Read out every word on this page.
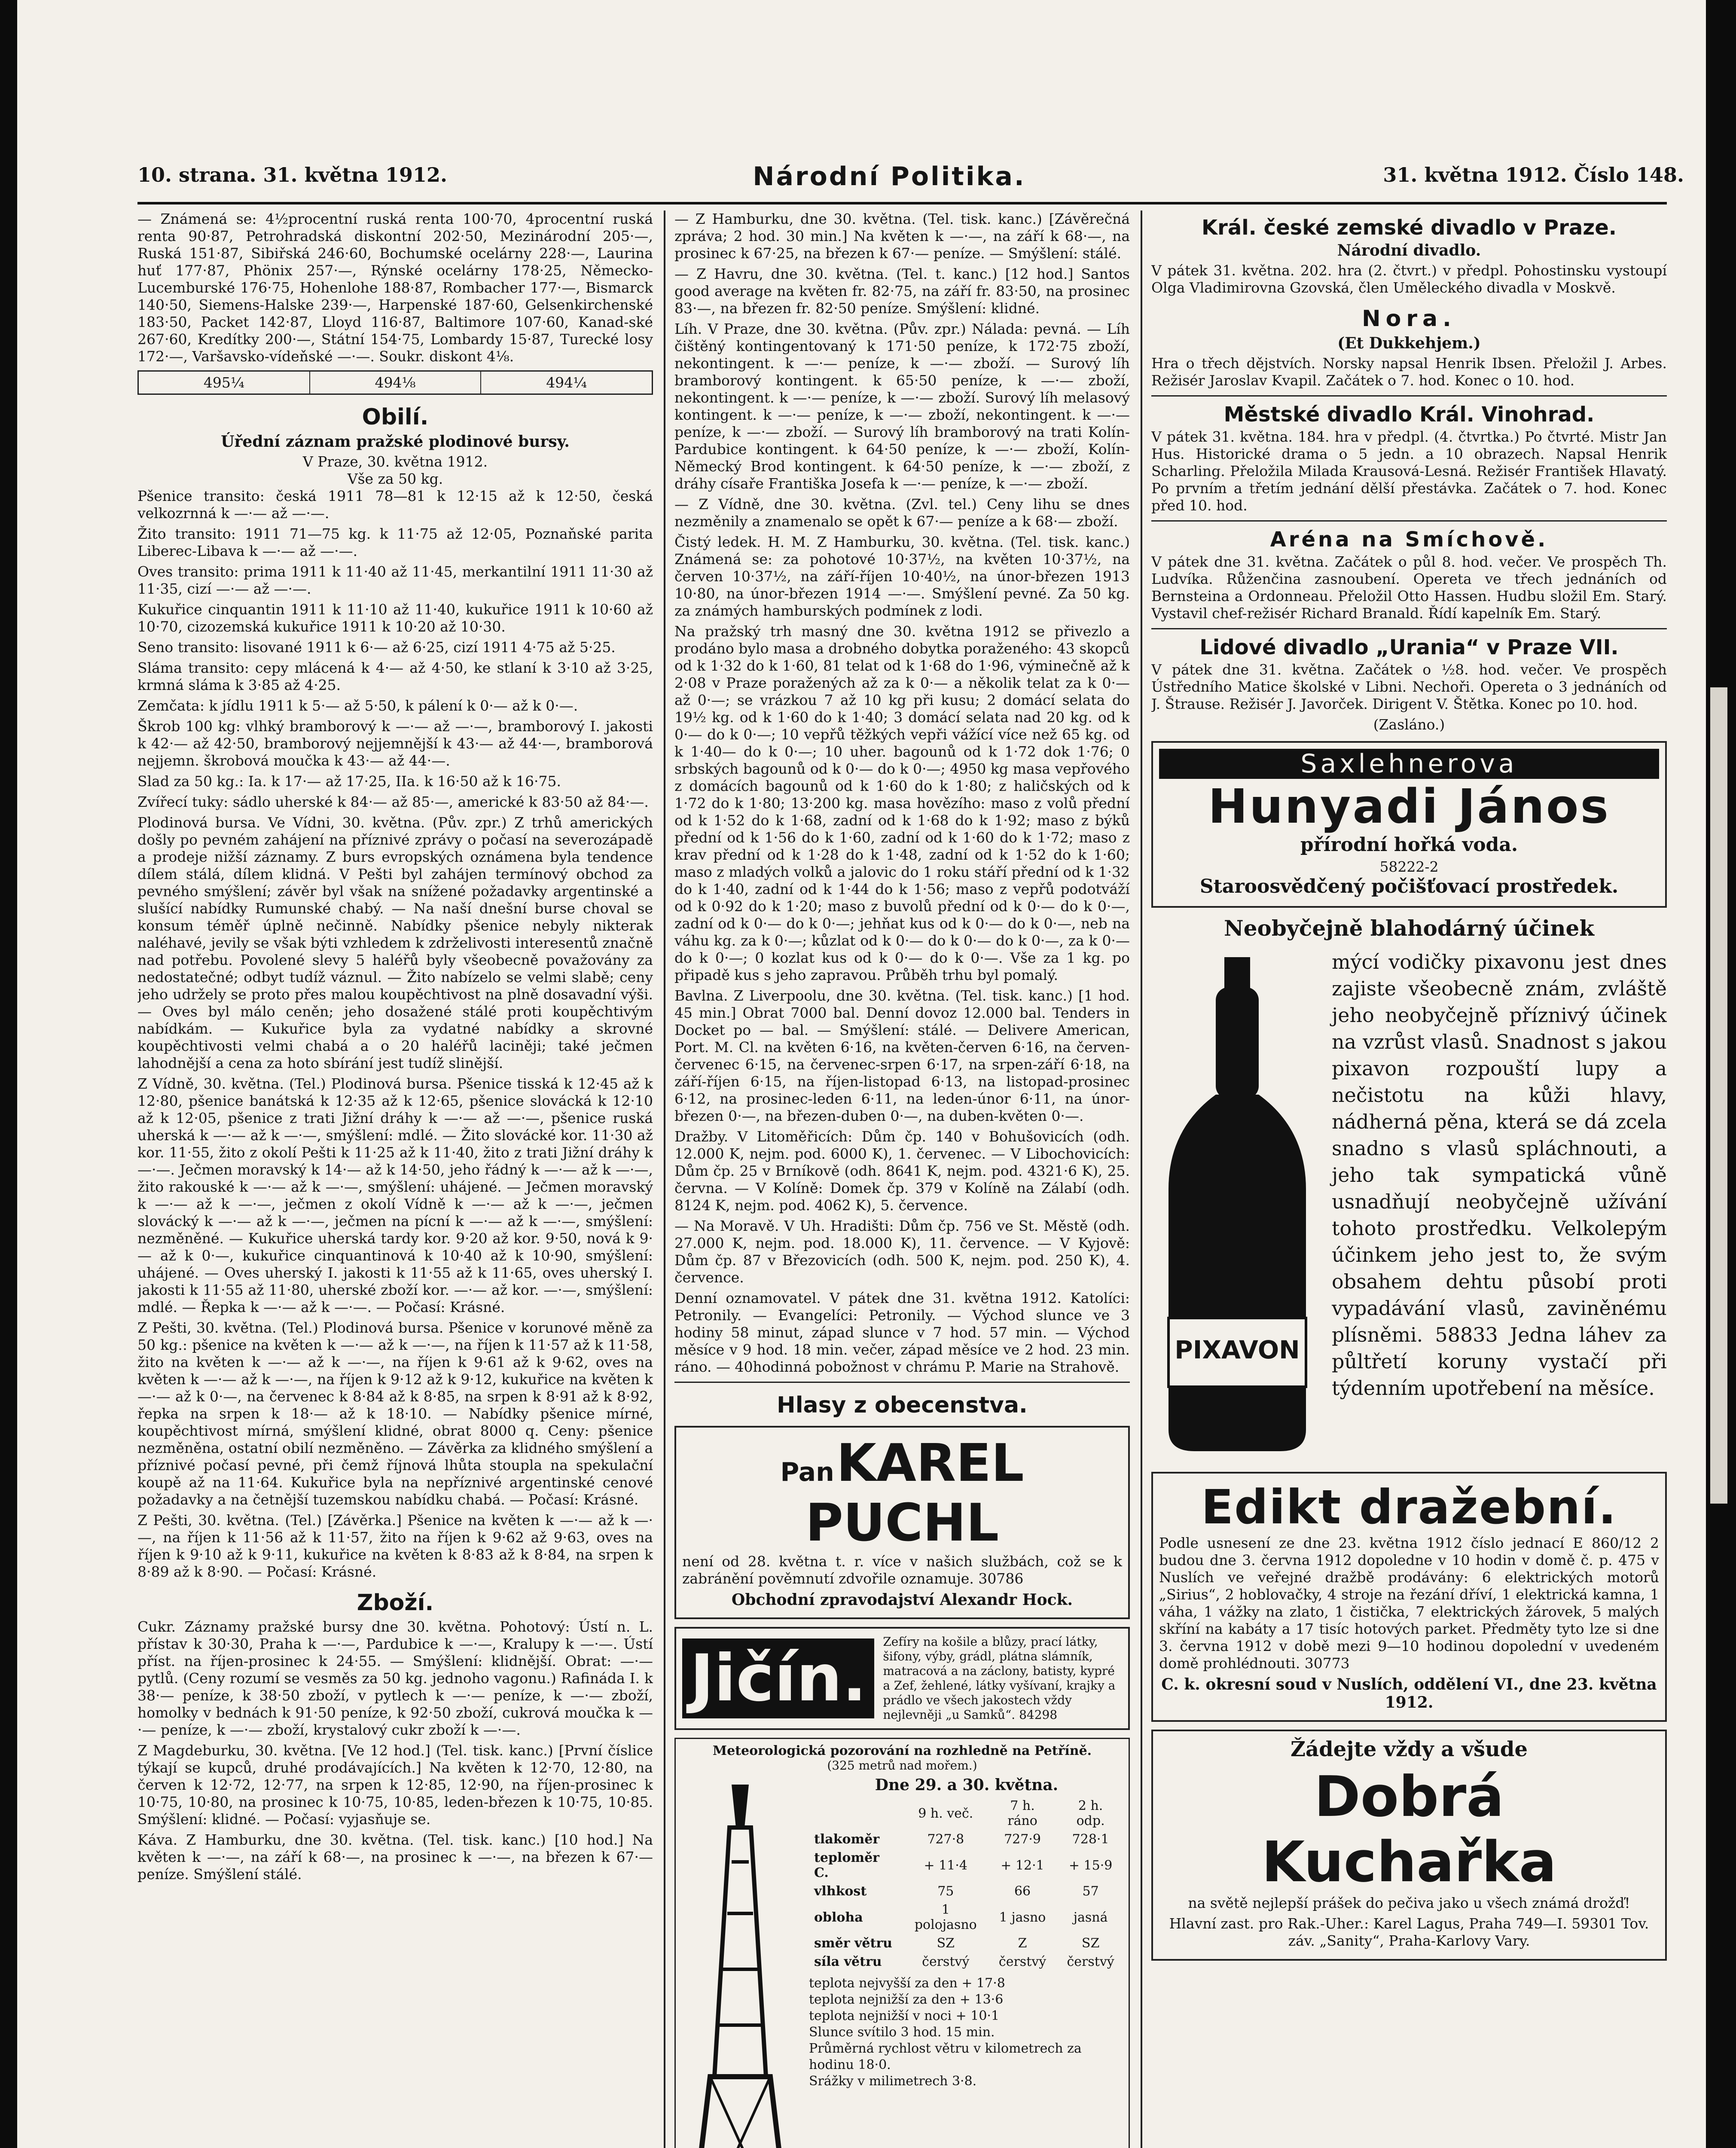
10. strana. 31. května 1912.	Národní Politika.	31. května 1912. Číslo 148.

— Známená se: 4½procentní ruská renta 100·70, 4procentní ruská renta 90·87, Petrohradská diskontní 202·50, Mezinárodní 205·—, Ruská 151·87, Sibiřská 246·60, Bochumské ocelárny 228·—, Laurina huť 177·87, Phönix 257·—, Rýnské ocelárny 178·25, Německo-Lucemburské 176·75, Hohenlohe 188·87, Rombacher 177·—, Bismarck 140·50, Siemens-Halske 239·—, Harpenské 187·60, Gelsenkirchenské 183·50, Packet 142·87, Lloyd 116·87, Baltimore 107·60, Kanad-ské 267·60, Kredítky 200·—, Státní 154·75, Lombardy 15·87, Turecké losy 172·—, Varšavsko-vídeňské —·—. Soukr. diskont 4⅛.

495¼	494⅛	494¼
Obilí.
Úřední záznam pražské plodinové bursy.
V Praze, 30. května 1912.
Vše za 50 kg.

Pšenice transito: česká 1911 78—81 k 12·15 až k 12·50, česká velkozrnná k —·— až —·—.

Žito transito: 1911 71—75 kg. k 11·75 až 12·05, Poznaňské parita Liberec-Libava k —·— až —·—.

Oves transito: prima 1911 k 11·40 až 11·45, merkantilní 1911 11·30 až 11·35, cizí —·— až —·—.

Kukuřice cinquantin 1911 k 11·10 až 11·40, kukuřice 1911 k 10·60 až 10·70, cizozemská kukuřice 1911 k 10·20 až 10·30.

Seno transito: lisované 1911 k 6·— až 6·25, cizí 1911 4·75 až 5·25.

Sláma transito: cepy mlácená k 4·— až 4·50, ke stlaní k 3·10 až 3·25, krmná sláma k 3·85 až 4·25.

Zemčata: k jídlu 1911 k 5·— až 5·50, k pálení k 0·— až k 0·—.

Škrob 100 kg: vlhký bramborový k —·— až —·—, bramborový I. jakosti k 42·— až 42·50, bramborový nejjemnější k 43·— až 44·—, bramborová nejjemn. škrobová moučka k 43·— až 44·—.

Slad za 50 kg.: Ia. k 17·— až 17·25, IIa. k 16·50 až k 16·75.

Zvířecí tuky: sádlo uherské k 84·— až 85·—, americké k 83·50 až 84·—.

Plodinová bursa. Ve Vídni, 30. května. (Pův. zpr.) Z trhů amerických došly po pevném zahájení na příznivé zprávy o počasí na severozápadě a prodeje nižší záznamy. Z burs evropských oznámena byla tendence dílem stálá, dílem klidná. V Pešti byl zahájen termínový obchod za pevného smýšlení; závěr byl však na snížené požadavky argentinské a slušící nabídky Rumunské chabý. — Na naší dnešní burse choval se konsum téměř úplně nečinně. Nabídky pšenice nebyly nikterak naléhavé, jevily se však býti vzhledem k zdrželivosti interesentů značně nad potřebu. Povolené slevy 5 haléřů byly všeobecně považovány za nedostatečné; odbyt tudíž váznul. — Žito nabízelo se velmi slabě; ceny jeho udržely se proto přes malou koupěchtivost na plně dosavadní výši. — Oves byl málo ceněn; jeho dosažené stálé proti koupěchtivým nabídkám. — Kukuřice byla za vydatné nabídky a skrovné koupěchtivosti velmi chabá a o 20 haléřů laciněji; také ječmen lahodnější a cena za hoto sbírání jest tudíž slinější.

Z Vídně, 30. května. (Tel.) Plodinová bursa. Pšenice tisská k 12·45 až k 12·80, pšenice banátská k 12·35 až k 12·65, pšenice slovácká k 12·10 až k 12·05, pšenice z trati Jižní dráhy k —·— až —·—, pšenice ruská uherská k —·— až k —·—, smýšlení: mdlé. — Žito slovácké kor. 11·30 až kor. 11·55, žito z okolí Pešti k 11·25 až k 11·40, žito z trati Jižní dráhy k —·—. Ječmen moravský k 14·— až k 14·50, jeho řádný k —·— až k —·—, žito rakouské k —·— až k —·—, smýšlení: uhájené. — Ječmen moravský k —·— až k —·—, ječmen z okolí Vídně k —·— až k —·—, ječmen slovácký k —·— až k —·—, ječmen na pícní k —·— až k —·—, smýšlení: nezměněné. — Kukuřice uherská tardy kor. 9·20 až kor. 9·50, nová k 9·— až k 0·—, kukuřice cinquantinová k 10·40 až k 10·90, smýšlení: uhájené. — Oves uherský I. jakosti k 11·55 až k 11·65, oves uherský I. jakosti k 11·55 až 11·80, uherské zboží kor. —·— až kor. —·—, smýšlení: mdlé. — Řepka k —·— až k —·—. — Počasí: Krásné.

Z Pešti, 30. května. (Tel.) Plodinová bursa. Pšenice v korunové měně za 50 kg.: pšenice na květen k —·— až k —·—, na říjen k 11·57 až k 11·58, žito na květen k —·— až k —·—, na říjen k 9·61 až k 9·62, oves na květen k —·— až k —·—, na říjen k 9·12 až k 9·12, kukuřice na květen k —·— až k 0·—, na červenec k 8·84 až k 8·85, na srpen k 8·91 až k 8·92, řepka na srpen k 18·— až k 18·10. — Nabídky pšenice mírné, koupěchtivost mírná, smýšlení klidné, obrat 8000 q. Ceny: pšenice nezměněna, ostatní obilí nezměněno. — Závěrka za klidného smýšlení a příznivé počasí pevné, při čemž říjnová lhůta stoupla na spekulační koupě až na 11·64. Kukuřice byla na nepříznivé argentinské cenové požadavky a na četnější tuzemskou nabídku chabá. — Počasí: Krásné.

Z Pešti, 30. května. (Tel.) [Závěrka.] Pšenice na květen k —·— až k —·—, na říjen k 11·56 až k 11·57, žito na říjen k 9·62 až 9·63, oves na říjen k 9·10 až k 9·11, kukuřice na květen k 8·83 až k 8·84, na srpen k 8·89 až k 8·90. — Počasí: Krásné.

Zboží.

Cukr. Záznamy pražské bursy dne 30. května. Pohotový: Ústí n. L. přístav k 30·30, Praha k —·—, Pardubice k —·—, Kralupy k —·—. Ústí příst. na říjen-prosinec k 24·55. — Smýšlení: klidnější. Obrat: —·— pytlů. (Ceny rozumí se vesměs za 50 kg. jednoho vagonu.) Rafináda I. k 38·— peníze, k 38·50 zboží, v pytlech k —·— peníze, k —·— zboží, homolky v bednách k 91·50 peníze, k 92·50 zboží, cukrová moučka k —·— peníze, k —·— zboží, krystalový cukr zboží k —·—.

Z Magdeburku, 30. května. [Ve 12 hod.] (Tel. tisk. kanc.) [První číslice týkají se kupců, druhé prodávajících.] Na květen k 12·70, 12·80, na červen k 12·72, 12·77, na srpen k 12·85, 12·90, na říjen-prosinec k 10·75, 10·80, na prosinec k 10·75, 10·85, leden-březen k 10·75, 10·85. Smýšlení: klidné. — Počasí: vyjasňuje se.

Káva. Z Hamburku, dne 30. května. (Tel. tisk. kanc.) [10 hod.] Na květen k —·—, na září k 68·—, na prosinec k —·—, na březen k 67·— peníze. Smýšlení stálé.

— Z Hamburku, dne 30. května. (Tel. tisk. kanc.) [Závěrečná zpráva; 2 hod. 30 min.] Na květen k —·—, na září k 68·—, na prosinec k 67·25, na březen k 67·— peníze. — Smýšlení: stálé.

— Z Havru, dne 30. května. (Tel. t. kanc.) [12 hod.] Santos good average na květen fr. 82·75, na září fr. 83·50, na prosinec 83·—, na březen fr. 82·50 peníze. Smýšlení: klidné.

Líh. V Praze, dne 30. května. (Pův. zpr.) Nálada: pevná. — Líh čištěný kontingentovaný k 171·50 peníze, k 172·75 zboží, nekontingent. k —·— peníze, k —·— zboží. — Surový líh bramborový kontingent. k 65·50 peníze, k —·— zboží, nekontingent. k —·— peníze, k —·— zboží. Surový líh melasový kontingent. k —·— peníze, k —·— zboží, nekontingent. k —·— peníze, k —·— zboží. — Surový líh bramborový na trati Kolín-Pardubice kontingent. k 64·50 peníze, k —·— zboží, Kolín-Německý Brod kontingent. k 64·50 peníze, k —·— zboží, z dráhy císaře Františka Josefa k —·— peníze, k —·— zboží.

— Z Vídně, dne 30. května. (Zvl. tel.) Ceny lihu se dnes nezměnily a znamenalo se opět k 67·— peníze a k 68·— zboží.

Čistý ledek. H. M. Z Hamburku, 30. května. (Tel. tisk. kanc.) Známená se: za pohotové 10·37½, na květen 10·37½, na červen 10·37½, na září-říjen 10·40½, na únor-březen 1913 10·80, na únor-březen 1914 —·—. Smýšlení pevné. Za 50 kg. za známých hamburských podmínek z lodi.

Na pražský trh masný dne 30. května 1912 se přivezlo a prodáno bylo masa a drobného dobytka poraženého: 43 skopců od k 1·32 do k 1·60, 81 telat od k 1·68 do 1·96, výminečně až k 2·08 v Praze poražených až za k 0·— a několik telat za k 0·— až 0·—; se vrázkou 7 až 10 kg při kusu; 2 domácí selata do 19½ kg. od k 1·60 do k 1·40; 3 domácí selata nad 20 kg. od k 0·— do k 0·—; 10 vepřů těžkých vepři vážící více než 65 kg. od k 1·40— do k 0·—; 10 uher. bagounů od k 1·72 dok 1·76; 0 srbských bagounů od k 0·— do k 0·—; 4950 kg masa vepřového z domácích bagounů od k 1·60 do k 1·80; z haličských od k 1·72 do k 1·80; 13·200 kg. masa hovězího: maso z volů přední od k 1·52 do k 1·68, zadní od k 1·68 do k 1·92; maso z býků přední od k 1·56 do k 1·60, zadní od k 1·60 do k 1·72; maso z krav přední od k 1·28 do k 1·48, zadní od k 1·52 do k 1·60; maso z mladých volků a jalovic do 1 roku stáří přední od k 1·32 do k 1·40, zadní od k 1·44 do k 1·56; maso z vepřů podotváží od k 0·92 do k 1·20; maso z buvolů přední od k 0·— do k 0·—, zadní od k 0·— do k 0·—; jehňat kus od k 0·— do k 0·—, neb na váhu kg. za k 0·—; kůzlat od k 0·— do k 0·— do k 0·—, za k 0·— do k 0·—; 0 kozlat kus od k 0·— do k 0·—. Vše za 1 kg. po připadě kus s jeho zapravou. Průběh trhu byl pomalý.

Bavlna. Z Liverpoolu, dne 30. května. (Tel. tisk. kanc.) [1 hod. 45 min.] Obrat 7000 bal. Denní dovoz 12.000 bal. Tenders in Docket po — bal. — Smýšlení: stálé. — Delivere American, Port. M. Cl. na květen 6·16, na květen-červen 6·16, na červen-červenec 6·15, na červenec-srpen 6·17, na srpen-září 6·18, na září-říjen 6·15, na říjen-listopad 6·13, na listopad-prosinec 6·12, na prosinec-leden 6·11, na leden-únor 6·11, na únor-březen 0·—, na březen-duben 0·—, na duben-květen 0·—.

Dražby. V Litoměřicích: Dům čp. 140 v Bohušovicích (odh. 12.000 K, nejm. pod. 6000 K), 1. červenec. — V Libochovicích: Dům čp. 25 v Brníkově (odh. 8641 K, nejm. pod. 4321·6 K), 25. června. — V Kolíně: Domek čp. 379 v Kolíně na Zálabí (odh. 8124 K, nejm. pod. 4062 K), 5. července.

— Na Moravě. V Uh. Hradišti: Dům čp. 756 ve St. Městě (odh. 27.000 K, nejm. pod. 18.000 K), 11. července. — V Kyjově: Dům čp. 87 v Březovicích (odh. 500 K, nejm. pod. 250 K), 4. července.

Denní oznamovatel. V pátek dne 31. května 1912. Katolíci: Petronily. — Evangelíci: Petronily. — Východ slunce ve 3 hodiny 58 minut, západ slunce v 7 hod. 57 min. — Východ měsíce v 9 hod. 18 min. večer, západ měsíce ve 2 hod. 23 min. ráno. — 40hodinná pobožnost v chrámu P. Marie na Strahově.

Hlasy z obecenstva.
Pan KAREL PUCHL

není od 28. května t. r. více v našich službách, což se k zabránění pověmnutí zdvořile oznamuje. 30786

Obchodní zpravodajství Alexandr Hock.
Jičín.	Zefíry na košile a blůzy, prací látky, šifony, výby, grádl, plátna slámník, matracová a na záclony, batisty, kypré a Zef, žehlené, látky vyšívaní, krajky a prádlo ve všech jakostech vždy nejlevněji „u Samků“. 84298
Meteorologická pozorování na rozhledně na Petříně.
(325 metrů nad mořem.)
Dne 29. a 30. května.
	9 h. več.	7 h. ráno	2 h. odp.
tlakoměr	727·8	727·9	728·1
teploměr C.	+ 11·4	+ 12·1	+ 15·9
vlhkost	75	66	57
obloha	1 polojasno	1 jasno	jasná
směr větru	SZ	Z	SZ
síla větru	čerstvý	čerstvý	čerstvý
teplota nejvyšší za den + 17·8
teplota nejnižší za den + 13·6
teplota nejnižší v noci + 10·1
Slunce svítilo 3 hod. 15 min.
Průměrná rychlost větru v kilometrech za hodinu 18·0.
Srážky v milimetrech 3·8.

Král. české zemské divadlo v Praze.
Národní divadlo.

V pátek 31. května. 202. hra (2. čtvrt.) v předpl. Pohostinsku vystoupí Olga Vladimirovna Gzovská, člen Uměleckého divadla v Moskvě.

Nora.
(Et Dukkehjem.)

Hra o třech dějstvích. Norsky napsal Henrik Ibsen. Přeložil J. Arbes. Režisér Jaroslav Kvapil. Začátek o 7. hod. Konec o 10. hod.

Městské divadlo Král. Vinohrad.

V pátek 31. května. 184. hra v předpl. (4. čtvrtka.) Po čtvrté. Mistr Jan Hus. Historické drama o 5 jedn. a 10 obrazech. Napsal Henrik Scharling. Přeložila Milada Krausová-Lesná. Režisér František Hlavatý. Po prvním a třetím jednání dělší přestávka. Začátek o 7. hod. Konec před 10. hod.

Aréna na Smíchově.

V pátek dne 31. května. Začátek o půl 8. hod. večer. Ve prospěch Th. Ludvíka. Růženčina zasnoubení. Opereta ve třech jednáních od Bernsteina a Ordonneau. Přeložil Otto Hassen. Hudbu složil Em. Starý. Vystavil chef-režisér Richard Branald. Řídí kapelník Em. Starý.

Lidové divadlo „Urania“ v Praze VII.

V pátek dne 31. května. Začátek o ½8. hod. večer. Ve prospěch Ústředního Matice školské v Libni. Nechoři. Opereta o 3 jednáních od J. Štrause. Režisér J. Javorček. Dirigent V. Štětka. Konec po 10. hod.

(Zasláno.)
Saxlehnerova
Hunyadi János
přírodní hořká voda.
58222-2
Staroosvědčený počišťovací prostředek.
Neobyčejně blahodárný účinek
PIXAVON
mýcí vodičky pixavonu jest dnes zajiste všeobecně znám, zvláště jeho neobyčejně příznivý účinek na vzrůst vlasů. Snadnost s jakou pixavon rozpouští lupy a nečistotu na kůži hlavy, nádherná pěna, která se dá zcela snadno s vlasů spláchnouti, a jeho tak sympatická vůně usnadňují neobyčejně užívání tohoto prostředku. Velkolepým účinkem jeho jest to, že svým obsahem dehtu působí proti vypadávání vlasů, zaviněnému plísněmi. 58833 Jedna láhev za půltřetí koruny vystačí při týdenním upotřebení na měsíce.
Edikt dražební.

Podle usnesení ze dne 23. května 1912 číslo jednací E 860/12 2 budou dne 3. června 1912 dopoledne v 10 hodin v domě č. p. 475 v Nuslích ve veřejné dražbě prodávány: 6 elektrických motorů „Sirius“, 2 hoblovačky, 4 stroje na řezání dříví, 1 elektrická kamna, 1 váha, 1 vážky na zlato, 1 čistička, 7 elektrických žárovek, 5 malých skříní na kabáty a 17 tisíc hotových parket. Předměty tyto lze si dne 3. června 1912 v době mezi 9—10 hodinou dopolední v uvedeném domě prohlédnouti. 30773

C. k. okresní soud v Nuslích, oddělení VI., dne 23. května 1912.
Žádejte vždy a všude
Dobrá Kuchařka

na světě nejlepší prášek do pečiva jako u všech známá drožď!

Hlavní zast. pro Rak.-Uher.: Karel Lagus, Praha 749—I. 59301 Tov. záv. „Sanity“, Praha-Karlovy Vary.
